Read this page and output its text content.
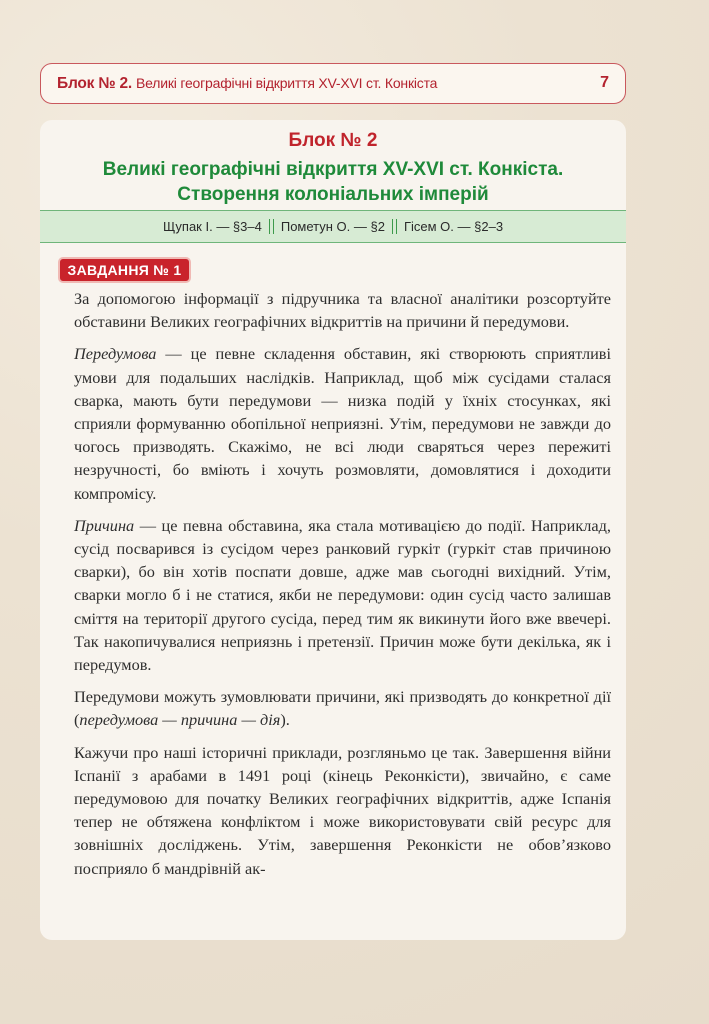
Блок № 2. Великі географічні відкриття XV-XVI ст. Конкіста	7
Блок № 2
Великі географічні відкриття XV-XVI ст. Конкіста.
Створення колоніальних імперій
Щупак І. — §3–4 Пометун О. — §2 Гісем О. — §2–3
ЗАВДАННЯ № 1

За допомогою інформації з підручника та власної аналітики розсортуйте обставини Великих географічних відкриттів на причини й передумови.

Передумова — це певне складення обставин, які створюють сприятливі умови для подальших наслідків. Наприклад, щоб між сусідами сталася сварка, мають бути передумови — низка подій у їхніх стосунках, які сприяли формуванню обопільної неприязні. Утім, передумови не завжди до чогось призводять. Скажімо, не всі люди сваряться через пережиті незручності, бо вміють і хочуть розмовляти, домовлятися і доходити компромісу.

Причина — це певна обставина, яка стала мотивацією до події. Наприклад, сусід посварився із сусідом через ранковий гуркіт (гуркіт став причиною сварки), бо він хотів поспати довше, адже мав сьогодні вихідний. Утім, сварки могло б і не статися, якби не передумови: один сусід часто залишав сміття на території другого сусіда, перед тим як викинути його вже ввечері. Так накопичувалися неприязнь і претензії. Причин може бути декілька, як і передумов.

Передумови можуть зумовлювати причини, які призводять до конкретної дії (передумова — причина — дія).

Кажучи про наші історичні приклади, розгляньмо це так. Завершення війни Іспанії з арабами в 1491 році (кінець Реконкісти), звичайно, є саме передумовою для початку Великих географічних відкриттів, адже Іспанія тепер не обтяжена конфліктом і може використовувати свій ресурс для зовнішніх досліджень. Утім, завершення Реконкісти не обов’язково посприяло б мандрівній ак-
